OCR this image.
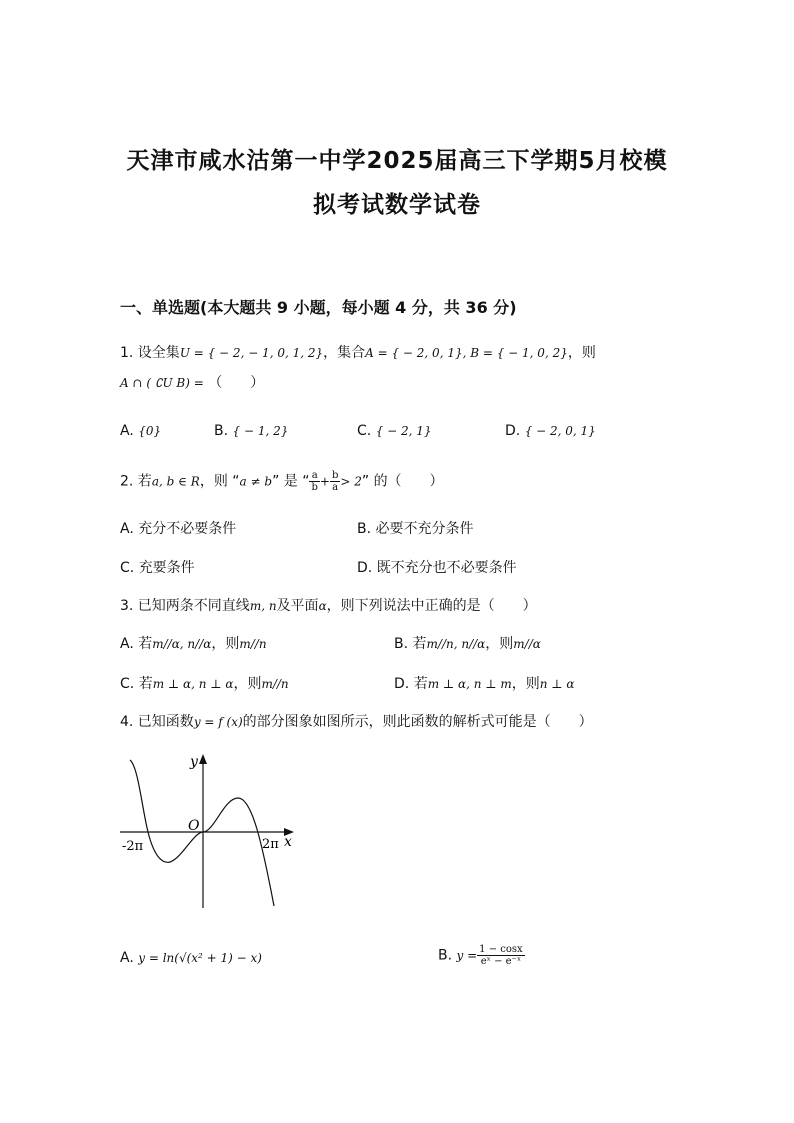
天津市咸水沽第一中学2025届高三下学期5月校模
拟考试数学试卷
一、单选题(本大题共 9 小题，每小题 4 分，共 36 分)
1. 设全集U = { − 2, − 1, 0, 1, 2}，集合A = { − 2, 0, 1}, B = { − 1, 0, 2}，则
A ∩ ( ∁U B) = （　　）
A. {0}	B. { − 1, 2}	C. { − 2, 1}	D. { − 2, 0, 1}
2. 若a, b ∈ R，则 “a ≠ b” 是 “ $\frac{a}{b} + \frac{b}{a} > 2$” 的（　　）
A. 充分不必要条件	B. 必要不充分条件
C. 充要条件	D. 既不充分也不必要条件
3. 已知两条不同直线m, n及平面α，则下列说法中正确的是（　　）
A. 若m//α, n//α，则m//n	B. 若m//n, n//α，则m//α
C. 若m ⊥ α, n ⊥ α，则m//n	D. 若m ⊥ α, n ⊥ m，则n ⊥ α
4. 已知函数y = f (x)的部分图象如图所示，则此函数的解析式可能是（　　）
-2π	2π
O
y
x
A. y = ln(√(x² + 1) − x)	B. $y = \frac{1 - \cos x}{\text{eˣ − e⁻ˣ}}$
